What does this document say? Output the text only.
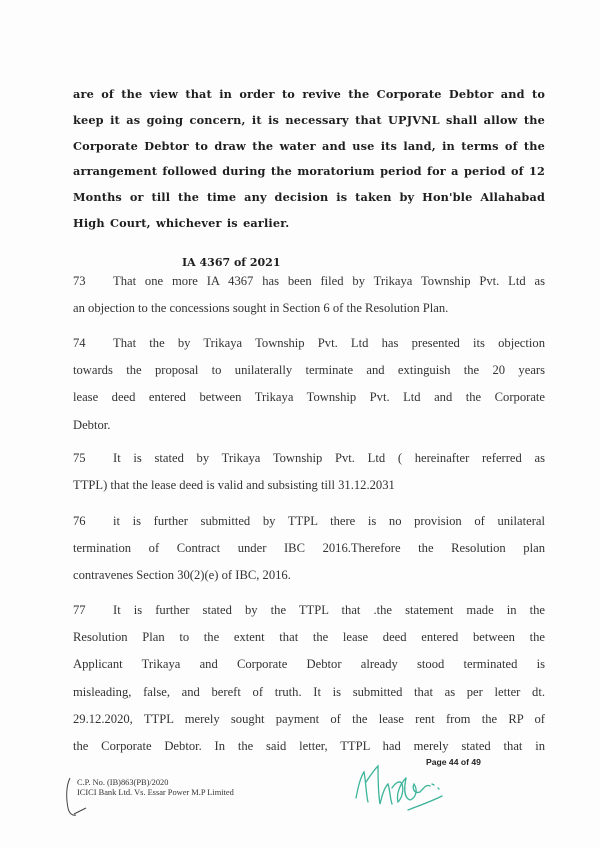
are of the view that in order to revive the Corporate Debtor and to
keep it as going concern, it is necessary that UPJVNL shall allow the
Corporate Debtor to draw the water and use its land, in terms of the
arrangement followed during the moratorium period for a period of 12
Months or till the time any decision is taken by Hon'ble Allahabad
High Court, whichever is earlier.
IA 4367 of 2021
73 That one more IA 4367 has been filed by Trikaya Township Pvt. Ltd as
an objection to the concessions sought in Section 6 of the Resolution Plan.
74 That the by Trikaya Township Pvt. Ltd has presented its objection
towards the proposal to unilaterally terminate and extinguish the 20 years
lease deed entered between Trikaya Township Pvt. Ltd and the Corporate
Debtor.
75 It is stated by Trikaya Township Pvt. Ltd ( hereinafter referred as
TTPL) that the lease deed is valid and subsisting till 31.12.2031
76 it is further submitted by TTPL there is no provision of unilateral
termination of Contract under IBC 2016.Therefore the Resolution plan
contravenes Section 30(2)(e) of IBC, 2016.
77 It is further stated by the TTPL that .the statement made in the
Resolution Plan to the extent that the lease deed entered between the
Applicant Trikaya and Corporate Debtor already stood terminated is
misleading, false, and bereft of truth. It is submitted that as per letter dt.
29.12.2020, TTPL merely sought payment of the lease rent from the RP of
the Corporate Debtor. In the said letter, TTPL had merely stated that in
C.P. No. (IB)863(PB)/2020
ICICI Bank Ltd. Vs. Essar Power M.P Limited
Page 44 of 49
